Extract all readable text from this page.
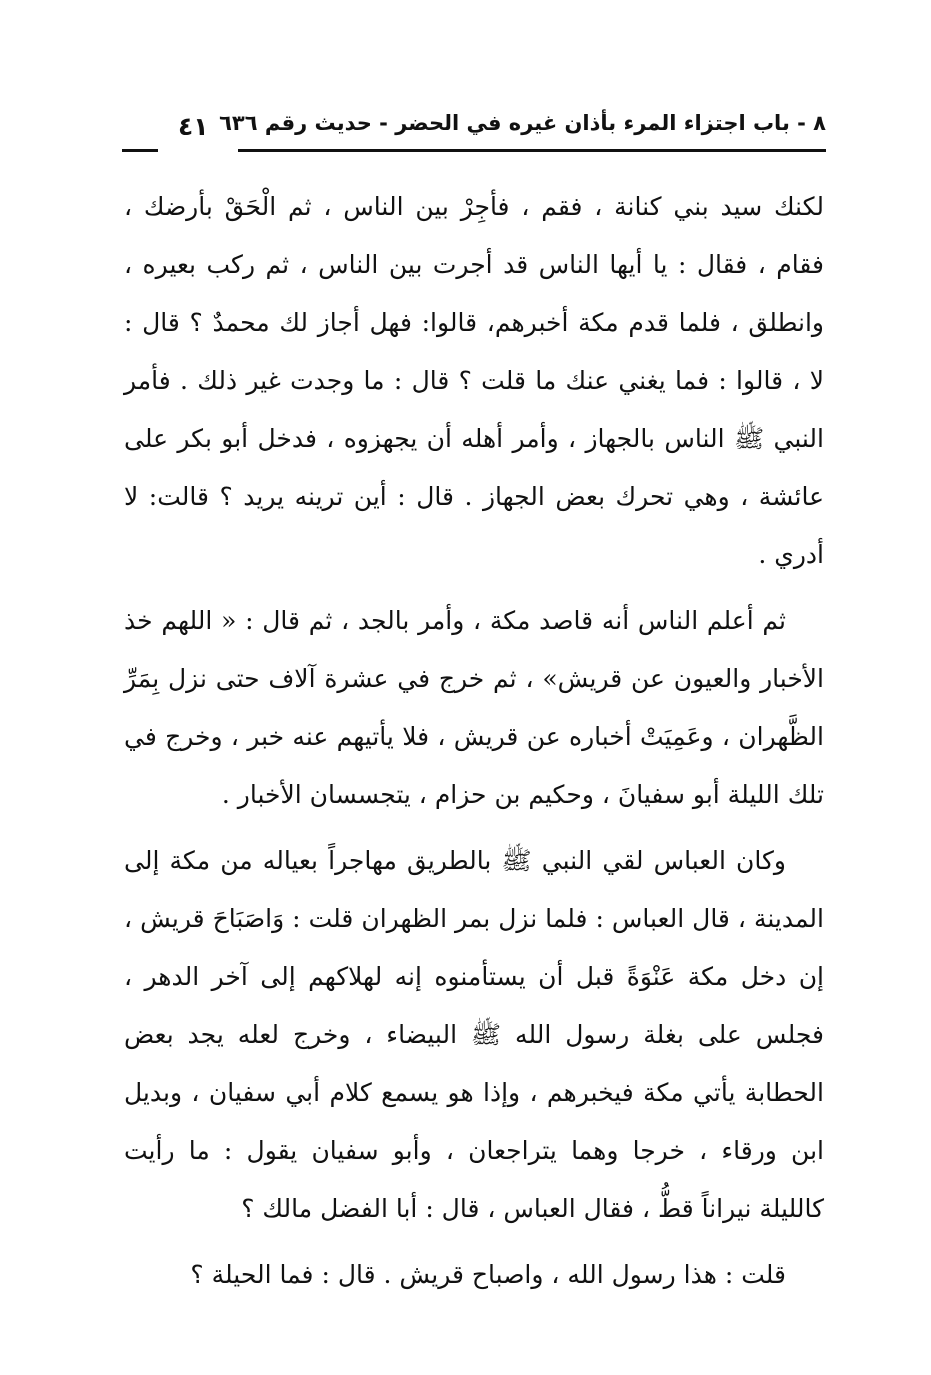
٨ - باب اجتزاء المرء بأذان غيره في الحضر - حديث رقم ٦٣٦
٤١
لكنك سيد بني كنانة ، فقم ، فأجِرْ بين الناس ، ثم الْحَقْ بأرضك ،
فقام ، فقال : يا أيها الناس قد أجرت بين الناس ، ثم ركب بعيره ،
وانطلق ، فلما قدم مكة أخبرهم، قالوا: فهل أجاز لك محمدٌ ؟ قال :
لا ، قالوا : فما يغني عنك ما قلت ؟ قال : ما وجدت غير ذلك . فأمر
النبي ﷺ الناس بالجهاز ، وأمر أهله أن يجهزوه ، فدخل أبو بكر على
عائشة ، وهي تحرك بعض الجهاز . قال : أين ترينه يريد ؟ قالت: لا
أدري .
ثم أعلم الناس أنه قاصد مكة ، وأمر بالجد ، ثم قال : « اللهم خذ
الأخبار والعيون عن قريش» ، ثم خرج في عشرة آلاف حتى نزل بِمَرِّ
الظَّهران ، وعَمِيَتْ أخباره عن قريش ، فلا يأتيهم عنه خبر ، وخرج في
تلك الليلة أبو سفيانَ ، وحكيم بن حزام ، يتجسسان الأخبار .
وكان العباس لقي النبي ﷺ بالطريق مهاجراً بعياله من مكة إلى
المدينة ، قال العباس : فلما نزل بمر الظهران قلت : وَاصَبَاحَ قريش ،
إن دخل مكة عَنْوَةً قبل أن يستأمنوه إنه لهلاكهم إلى آخر الدهر ،
فجلس على بغلة رسول الله ﷺ البيضاء ، وخرج لعله يجد بعض
الحطابة يأتي مكة فيخبرهم ، وإذا هو يسمع كلام أبي سفيان ، وبديل
ابن ورقاء ، خرجا وهما يتراجعان ، وأبو سفيان يقول : ما رأيت
كالليلة نيراناً قطُّ ، فقال العباس ، قال : أبا الفضل مالك ؟
قلت : هذا رسول الله ، واصباح قريش . قال : فما الحيلة ؟
